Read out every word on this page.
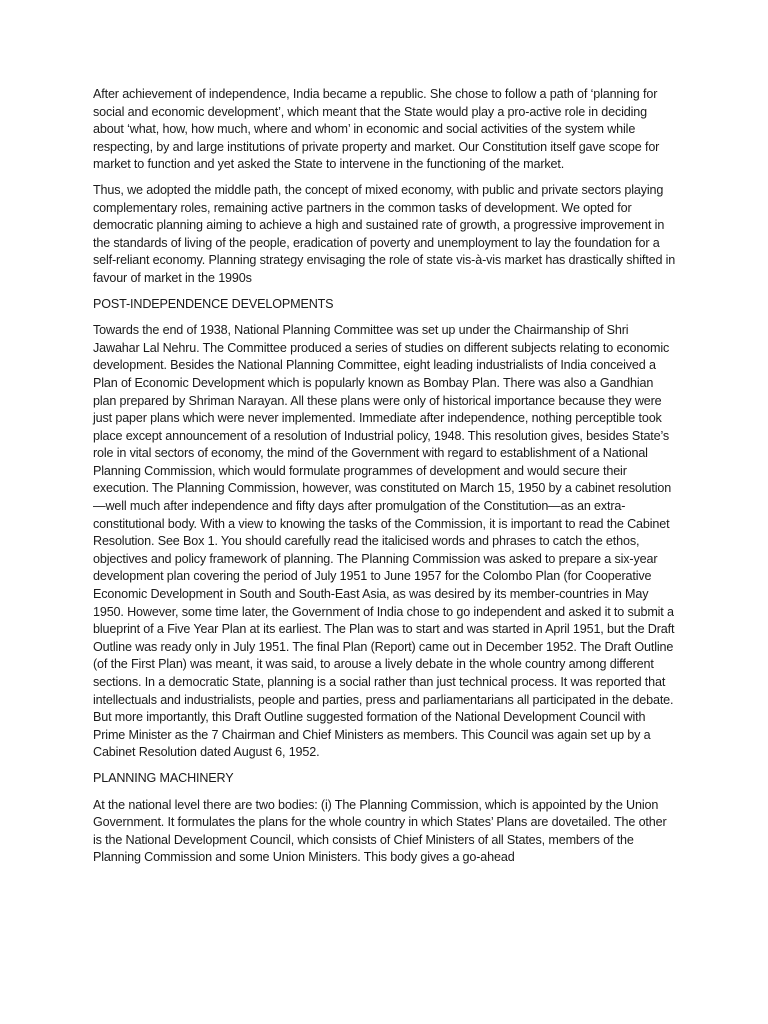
After achievement of independence, India became a republic. She chose to follow a path of ‘planning for social and economic development’, which meant that the State would play a pro-active role in deciding about ‘what, how, how much, where and whom’ in economic and social activities of the system while respecting, by and large institutions of private property and market. Our Constitution itself gave scope for market to function and yet asked the State to intervene in the functioning of the market.

Thus, we adopted the middle path, the concept of mixed economy, with public and private sectors playing complementary roles, remaining active partners in the common tasks of development. We opted for democratic planning aiming to achieve a high and sustained rate of growth, a progressive improvement in the standards of living of the people, eradication of poverty and unemployment to lay the foundation for a self-reliant economy. Planning strategy envisaging the role of state vis-à-vis market has drastically shifted in favour of market in the 1990s

POST-INDEPENDENCE DEVELOPMENTS

Towards the end of 1938, National Planning Committee was set up under the Chairmanship of Shri Jawahar Lal Nehru. The Committee produced a series of studies on different subjects relating to economic development. Besides the National Planning Committee, eight leading industrialists of India conceived a Plan of Economic Development which is popularly known as Bombay Plan. There was also a Gandhian plan prepared by Shriman Narayan. All these plans were only of historical importance because they were just paper plans which were never implemented. Immediate after independence, nothing perceptible took place except announcement of a resolution of Industrial policy, 1948. This resolution gives, besides State’s role in vital sectors of economy, the mind of the Government with regard to establishment of a National Planning Commission, which would formulate programmes of development and would secure their execution. The Planning Commission, however, was constituted on March 15, 1950 by a cabinet resolution—well much after independence and fifty days after promulgation of the Constitution—as an extra-constitutional body. With a view to knowing the tasks of the Commission, it is important to read the Cabinet Resolution. See Box 1. You should carefully read the italicised words and phrases to catch the ethos, objectives and policy framework of planning. The Planning Commission was asked to prepare a six-year development plan covering the period of July 1951 to June 1957 for the Colombo Plan (for Cooperative Economic Development in South and South-East Asia, as was desired by its member-countries in May 1950. However, some time later, the Government of India chose to go independent and asked it to submit a blueprint of a Five Year Plan at its earliest. The Plan was to start and was started in April 1951, but the Draft Outline was ready only in July 1951. The final Plan (Report) came out in December 1952. The Draft Outline (of the First Plan) was meant, it was said, to arouse a lively debate in the whole country among different sections. In a democratic State, planning is a social rather than just technical process. It was reported that intellectuals and industrialists, people and parties, press and parliamentarians all participated in the debate. But more importantly, this Draft Outline suggested formation of the National Development Council with Prime Minister as the 7 Chairman and Chief Ministers as members. This Council was again set up by a Cabinet Resolution dated August 6, 1952.

PLANNING MACHINERY

At the national level there are two bodies: (i) The Planning Commission, which is appointed by the Union Government. It formulates the plans for the whole country in which States’ Plans are dovetailed. The other is the National Development Council, which consists of Chief Ministers of all States, members of the Planning Commission and some Union Ministers. This body gives a go-ahead
